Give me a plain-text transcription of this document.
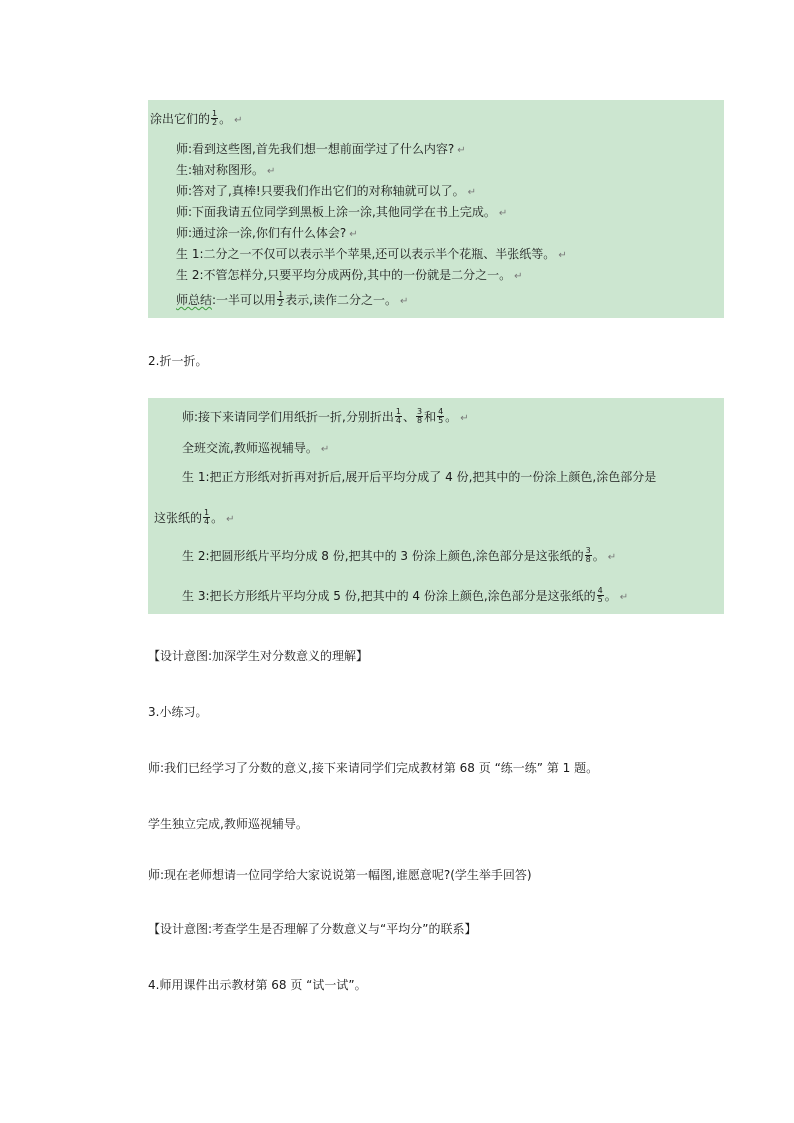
涂出它们的 $\frac{1}{2}$ 。 ↵
师:看到这些图,首先我们想一想前面学过了什么内容? ↵
生:轴对称图形。 ↵
师:答对了,真棒!只要我们作出它们的对称轴就可以了。 ↵
师:下面我请五位同学到黑板上涂一涂,其他同学在书上完成。 ↵
师:通过涂一涂,你们有什么体会? ↵
生 1:二分之一不仅可以表示半个苹果,还可以表示半个花瓶、半张纸等。 ↵
生 2:不管怎样分,只要平均分成两份,其中的一份就是二分之一。 ↵
师总结:一半可以用 $\frac{1}{2}$ 表示,读作二分之一。 ↵
2.折一折。
师:接下来请同学们用纸折一折,分别折出 $\frac{1}{4}$ 、 $\frac{3}{8}$ 和 $\frac{4}{5}$ 。 ↵
全班交流,教师巡视辅导。 ↵
生 1:把正方形纸对折再对折后,展开后平均分成了 4 份,把其中的一份涂上颜色,涂色部分是
这张纸的 $\frac{1}{4}$ 。 ↵
生 2:把圆形纸片平均分成 8 份,把其中的 3 份涂上颜色,涂色部分是这张纸的 $\frac{3}{8}$ 。 ↵
生 3:把长方形纸片平均分成 5 份,把其中的 4 份涂上颜色,涂色部分是这张纸的 $\frac{4}{5}$ 。 ↵
【设计意图:加深学生对分数意义的理解】
3.小练习。
师:我们已经学习了分数的意义,接下来请同学们完成教材第 68 页 “练一练” 第 1 题。
学生独立完成,教师巡视辅导。
师:现在老师想请一位同学给大家说说第一幅图,谁愿意呢?(学生举手回答)
【设计意图:考查学生是否理解了分数意义与“平均分”的联系】
4.师用课件出示教材第 68 页 “试一试”。
